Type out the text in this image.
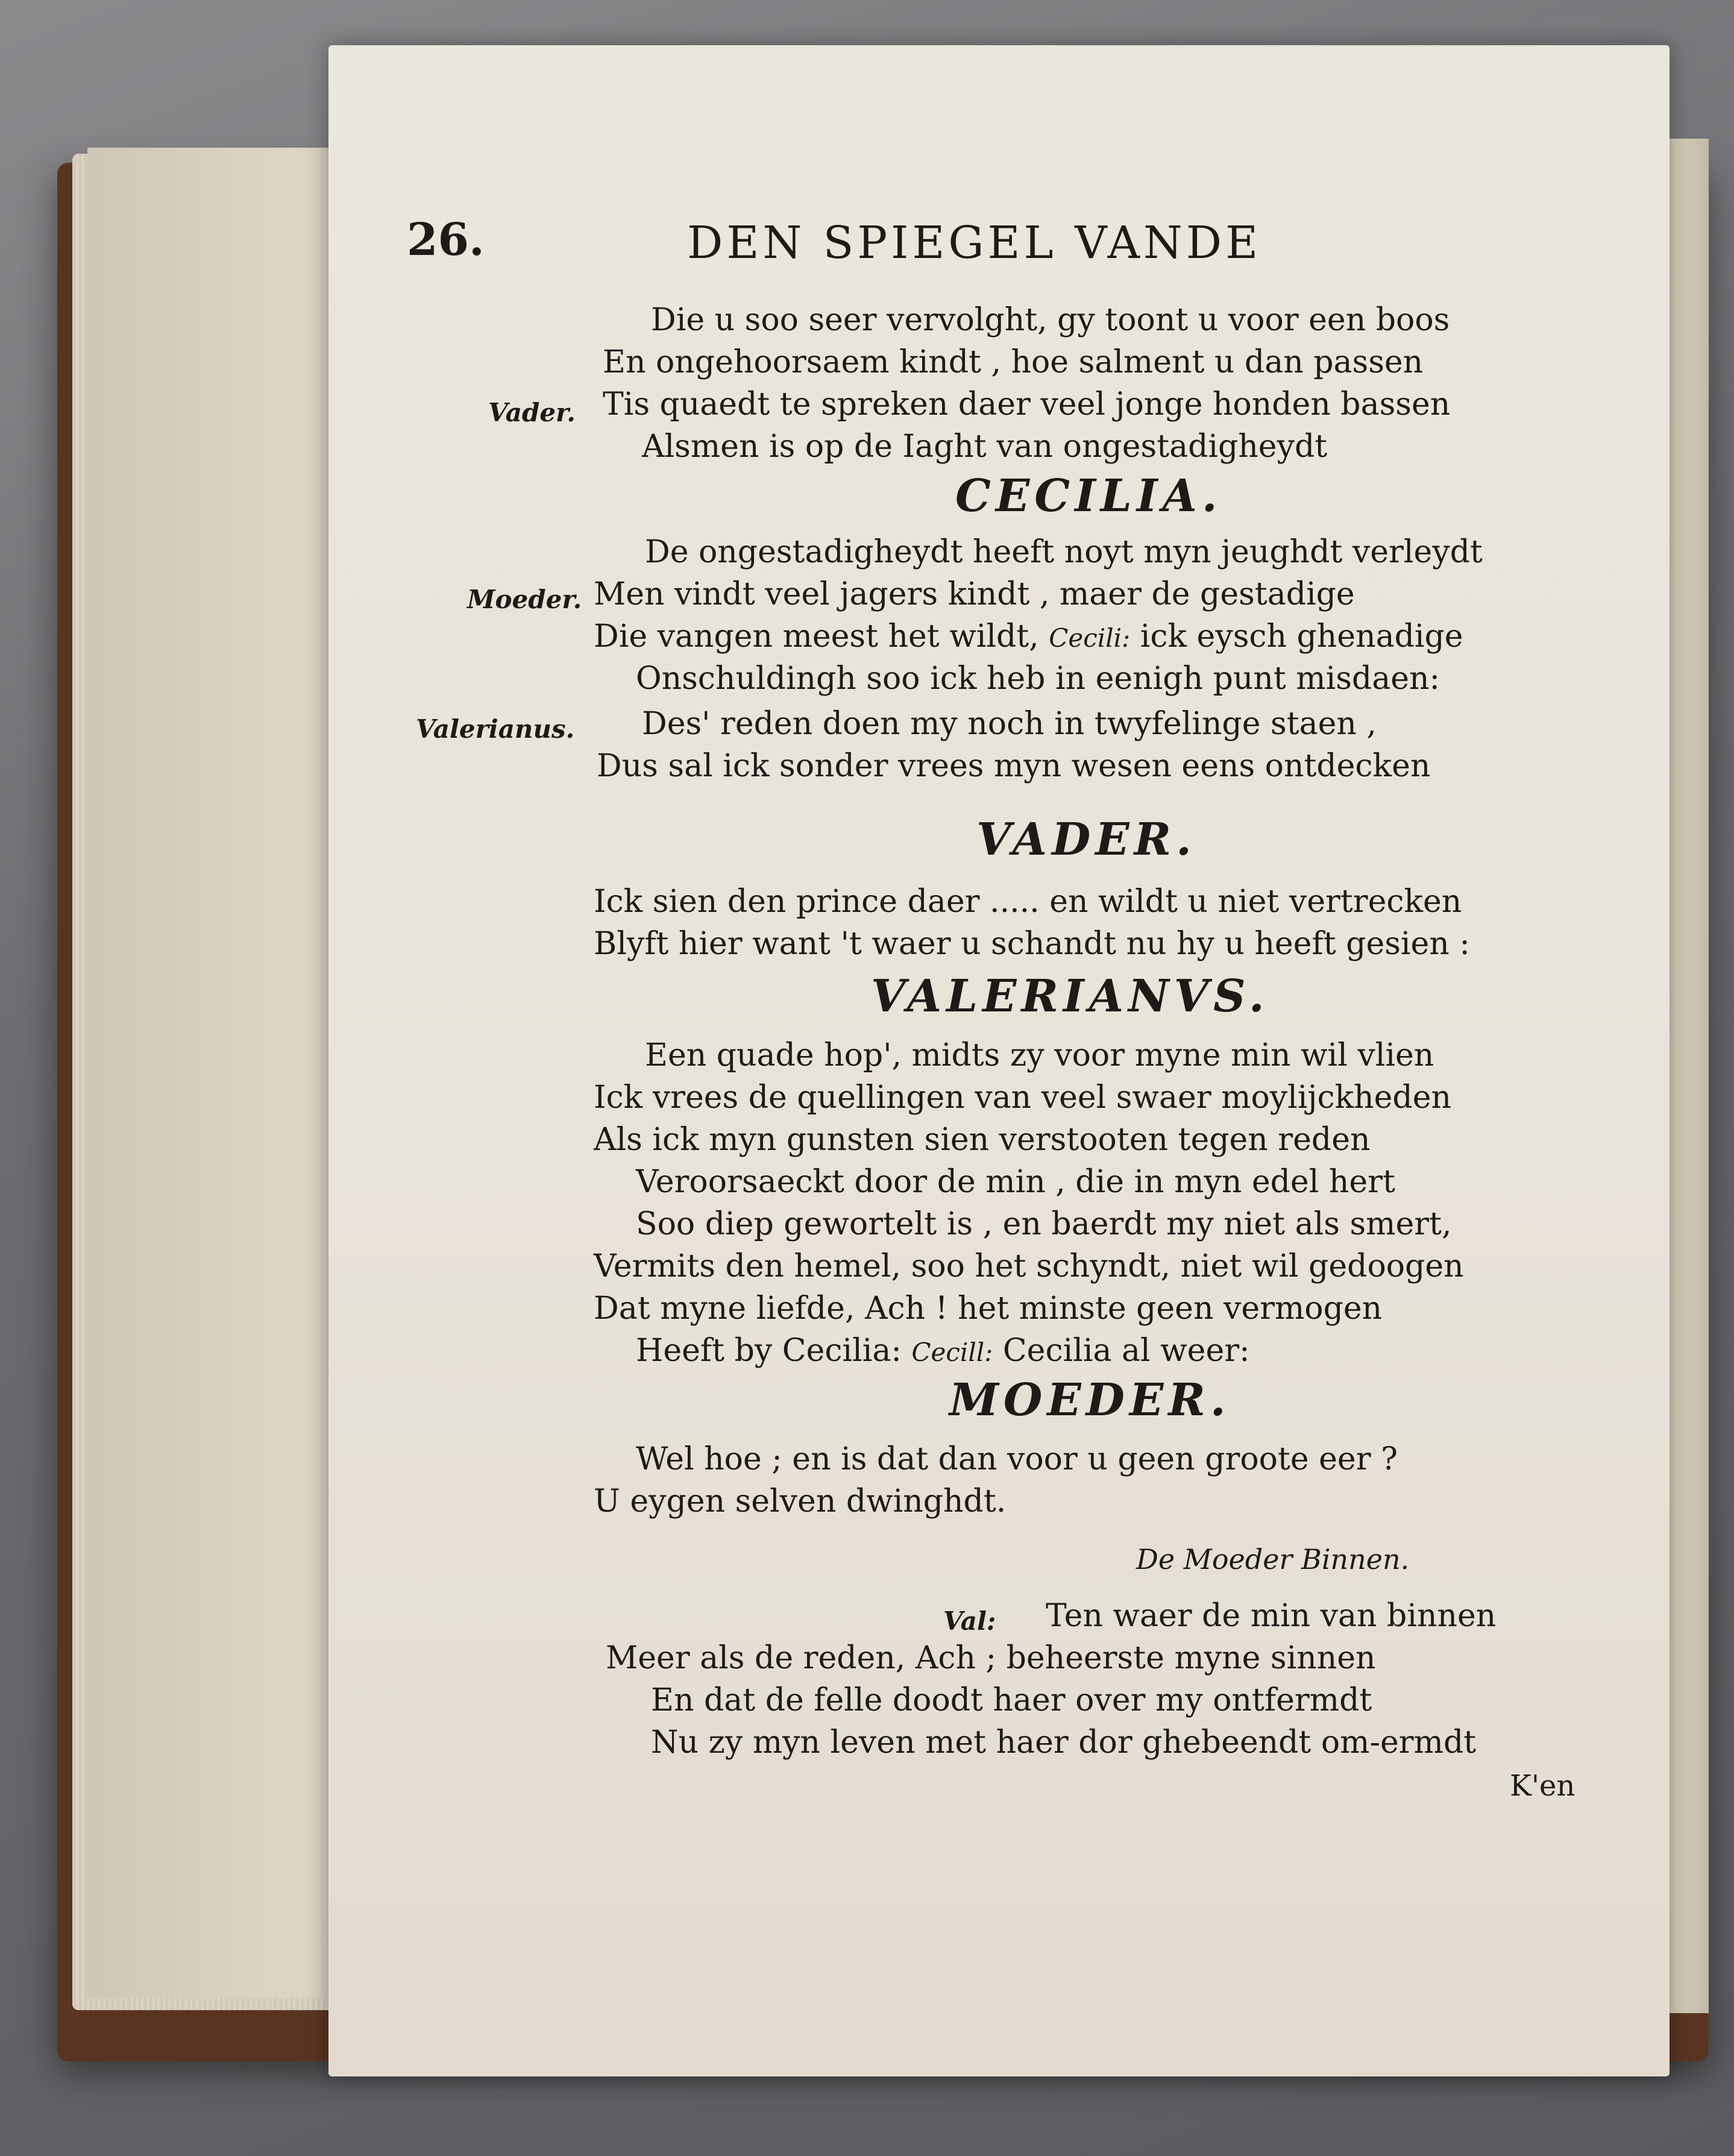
26.	DEN SPIEGEL VANDE
Die u soo seer vervolght, gy toont u voor een boos
En ongehoorsaem kindt , hoe salment u dan passen
Vader. Tis quaedt te spreken daer veel jonge honden bassen
Alsmen is op de Iaght van ongestadigheydt
CECILIA.
De ongestadigheydt heeft noyt myn jeughdt verleydt
Moeder. Men vindt veel jagers kindt , maer de gestadige
Die vangen meest het wildt, Cecili: ick eysch ghenadige
Onschuldingh soo ick heb in eenigh punt misdaen:
Valerianus. Des' reden doen my noch in twyfelinge staen ,
Dus sal ick sonder vrees myn wesen eens ontdecken
VADER.
Ick sien den prince daer ..... en wildt u niet vertrecken
Blyft hier want 't waer u schandt nu hy u heeft gesien :
VALERIANVS.
Een quade hop', midts zy voor myne min wil vlien
Ick vrees de quellingen van veel swaer moylijckheden
Als ick myn gunsten sien verstooten tegen reden
Veroorsaeckt door de min , die in myn edel hert
Soo diep gewortelt is , en baerdt my niet als smert,
Vermits den hemel, soo het schyndt, niet wil gedoogen
Dat myne liefde, Ach ! het minste geen vermogen
Heeft by Cecilia: Cecill: Cecilia al weer:
MOEDER.
Wel hoe ; en is dat dan voor u geen groote eer ?
U eygen selven dwinghdt.
De Moeder Binnen.
Val: Ten waer de min van binnen
Meer als de reden, Ach ; beheerste myne sinnen
En dat de felle doodt haer over my ontfermdt
Nu zy myn leven met haer dor ghebeendt om-ermdt
K'en
